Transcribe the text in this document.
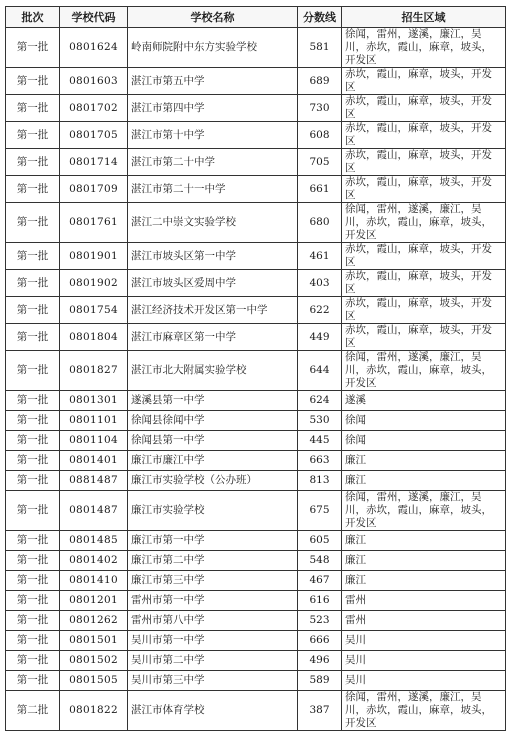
批次	学校代码	学校名称	分数线	招生区域
第一批	0801624	岭南师院附中东方实验学校	581	徐闻，雷州，遂溪，廉江，吴川，赤坎，霞山，麻章，坡头，开发区
第一批	0801603	湛江市第五中学	689	赤坎，霞山，麻章，坡头，开发区
第一批	0801702	湛江市第四中学	730	赤坎，霞山，麻章，坡头，开发区
第一批	0801705	湛江市第十中学	608	赤坎，霞山，麻章，坡头，开发区
第一批	0801714	湛江市第二十中学	705	赤坎，霞山，麻章，坡头，开发区
第一批	0801709	湛江市第二十一中学	661	赤坎，霞山，麻章，坡头，开发区
第一批	0801761	湛江二中崇文实验学校	680	徐闻，雷州，遂溪，廉江，吴川，赤坎，霞山，麻章，坡头，开发区
第一批	0801901	湛江市坡头区第一中学	461	赤坎，霞山，麻章，坡头，开发区
第一批	0801902	湛江市坡头区爱周中学	403	赤坎，霞山，麻章，坡头，开发区
第一批	0801754	湛江经济技术开发区第一中学	622	赤坎，霞山，麻章，坡头，开发区
第一批	0801804	湛江市麻章区第一中学	449	赤坎，霞山，麻章，坡头，开发区
第一批	0801827	湛江市北大附属实验学校	644	徐闻，雷州，遂溪，廉江，吴川，赤坎，霞山，麻章，坡头，开发区
第一批	0801301	遂溪县第一中学	624	遂溪
第一批	0801101	徐闻县徐闻中学	530	徐闻
第一批	0801104	徐闻县第一中学	445	徐闻
第一批	0801401	廉江市廉江中学	663	廉江
第一批	0881487	廉江市实验学校（公办班）	813	廉江
第一批	0801487	廉江市实验学校	675	徐闻，雷州，遂溪，廉江，吴川，赤坎，霞山，麻章，坡头，开发区
第一批	0801485	廉江市第一中学	605	廉江
第一批	0801402	廉江市第二中学	548	廉江
第一批	0801410	廉江市第三中学	467	廉江
第一批	0801201	雷州市第一中学	616	雷州
第一批	0801262	雷州市第八中学	523	雷州
第一批	0801501	吴川市第一中学	666	吴川
第一批	0801502	吴川市第二中学	496	吴川
第一批	0801505	吴川市第三中学	589	吴川
第二批	0801822	湛江市体育学校	387	徐闻，雷州，遂溪，廉江，吴川，赤坎，霞山，麻章，坡头，开发区
